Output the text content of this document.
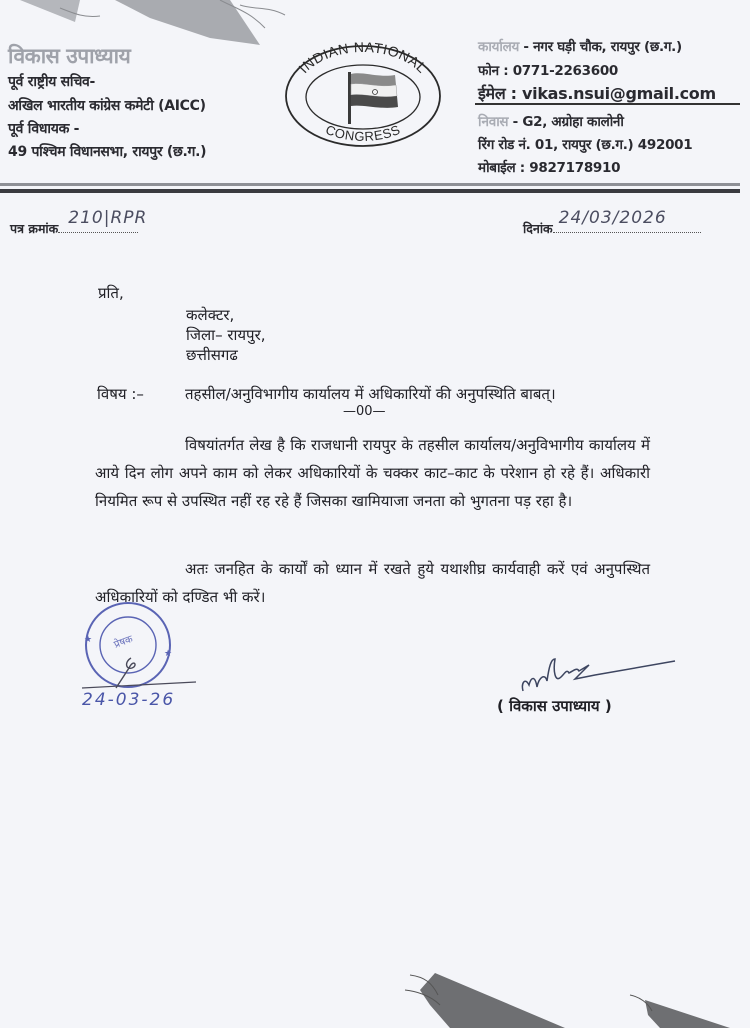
विकास उपाध्याय
पूर्व राष्ट्रीय सचिव-
अखिल भारतीय कांग्रेस कमेटी (AICC)
पूर्व विधायक -
49 पश्चिम विधानसभा, रायपुर (छ.ग.)
INDIAN NATIONAL
CONGRESS
कार्यालय - नगर घड़ी चौक, रायपुर (छ.ग.)
फोन : 0771-2263600
ईमेल : vikas.nsui@gmail.com
निवास - G2, अग्रोहा कालोनी
रिंग रोड नं. 01, रायपुर (छ.ग.) 492001
मोबाईल : 9827178910
पत्र क्रमांक
210|RPR
दिनांक
24/03/2026
प्रति,
कलेक्टर,
जिला– रायपुर,
छत्तीसगढ
विषय :–	तहसील/अनुविभागीय कार्यालय में अधिकारियों की अनुपस्थिति बाबत्।
—00—
विषयांतर्गत लेख है कि राजधानी रायपुर के तहसील कार्यालय/अनुविभागीय कार्यालय में आये दिन लोग अपने काम को लेकर अधिकारियों के चक्कर काट–काट के परेशान हो रहे हैं। अधिकारी नियमित रूप से उपस्थित नहीं रह रहे हैं जिसका खामियाजा जनता को भुगतना पड़ रहा है।
अतः जनहित के कार्यों को ध्यान में रखते हुये यथाशीघ्र कार्यवाही करें एवं अनुपस्थित अधिकारियों को दण्डित भी करें।
★
★
प्रेषक
24-03-26	( विकास उपाध्याय )
